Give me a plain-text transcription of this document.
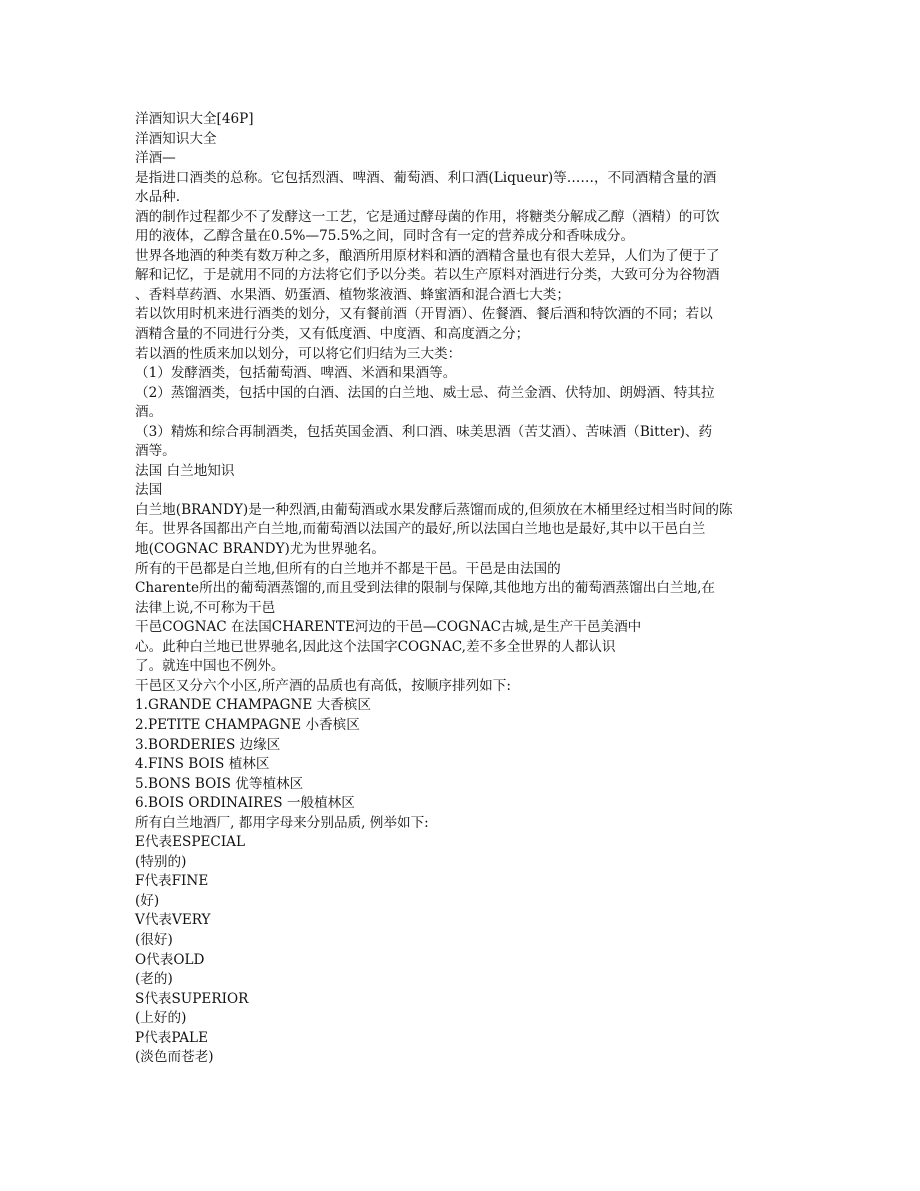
洋酒知识大全[46P]
洋酒知识大全
洋酒—
是指进口酒类的总称。它包括烈酒、啤酒、葡萄酒、利口酒(Liqueur)等……，不同酒精含量的酒
水品种.
酒的制作过程都少不了发酵这一工艺，它是通过酵母菌的作用，将糖类分解成乙醇（酒精）的可饮
用的液体，乙醇含量在0.5%—75.5%之间，同时含有一定的营养成分和香味成分。
世界各地酒的种类有数万种之多，酿酒所用原材料和酒的酒精含量也有很大差异，人们为了便于了
解和记忆，于是就用不同的方法将它们予以分类。若以生产原料对酒进行分类，大致可分为谷物酒
、香料草药酒、水果酒、奶蛋酒、植物浆液酒、蜂蜜酒和混合酒七大类；
若以饮用时机来进行酒类的划分，又有餐前酒（开胃酒）、佐餐酒、餐后酒和特饮酒的不同；若以
酒精含量的不同进行分类，又有低度酒、中度酒、和高度酒之分；
若以酒的性质来加以划分，可以将它们归结为三大类：
（1）发酵酒类，包括葡萄酒、啤酒、米酒和果酒等。
（2）蒸馏酒类，包括中国的白酒、法国的白兰地、威士忌、荷兰金酒、伏特加、朗姆酒、特其拉
酒。
（3）精炼和综合再制酒类，包括英国金酒、利口酒、味美思酒（苦艾酒）、苦味酒（Bitter)、药
酒等。
法国 白兰地知识
法国
白兰地(BRANDY)是一种烈酒,由葡萄酒或水果发酵后蒸馏而成的,但须放在木桶里经过相当时间的陈
年。世界各国都出产白兰地,而葡萄酒以法国产的最好,所以法国白兰地也是最好,其中以干邑白兰
地(COGNAC BRANDY)尤为世界驰名。
所有的干邑都是白兰地,但所有的白兰地并不都是干邑。干邑是由法国的
Charente所出的葡萄酒蒸馏的,而且受到法律的限制与保障,其他地方出的葡萄酒蒸馏出白兰地,在
法律上说,不可称为干邑
干邑COGNAC 在法国CHARENTE河边的干邑—COGNAC古城,是生产干邑美酒中
心。此种白兰地已世界驰名,因此这个法国字COGNAC,差不多全世界的人都认识
了。就连中国也不例外。
干邑区又分六个小区,所产酒的品质也有高低，按顺序排列如下:
1.GRANDE CHAMPAGNE 大香槟区
2.PETITE CHAMPAGNE 小香槟区
3.BORDERIES 边缘区
4.FINS BOIS 植林区
5.BONS BOIS 优等植林区
6.BOIS ORDINAIRES 一般植林区
所有白兰地酒厂, 都用字母来分别品质, 例举如下:
E代表ESPECIAL
(特别的)
F代表FINE
(好)
V代表VERY
(很好)
O代表OLD
(老的)
S代表SUPERIOR
(上好的)
P代表PALE
(淡色而苍老)
